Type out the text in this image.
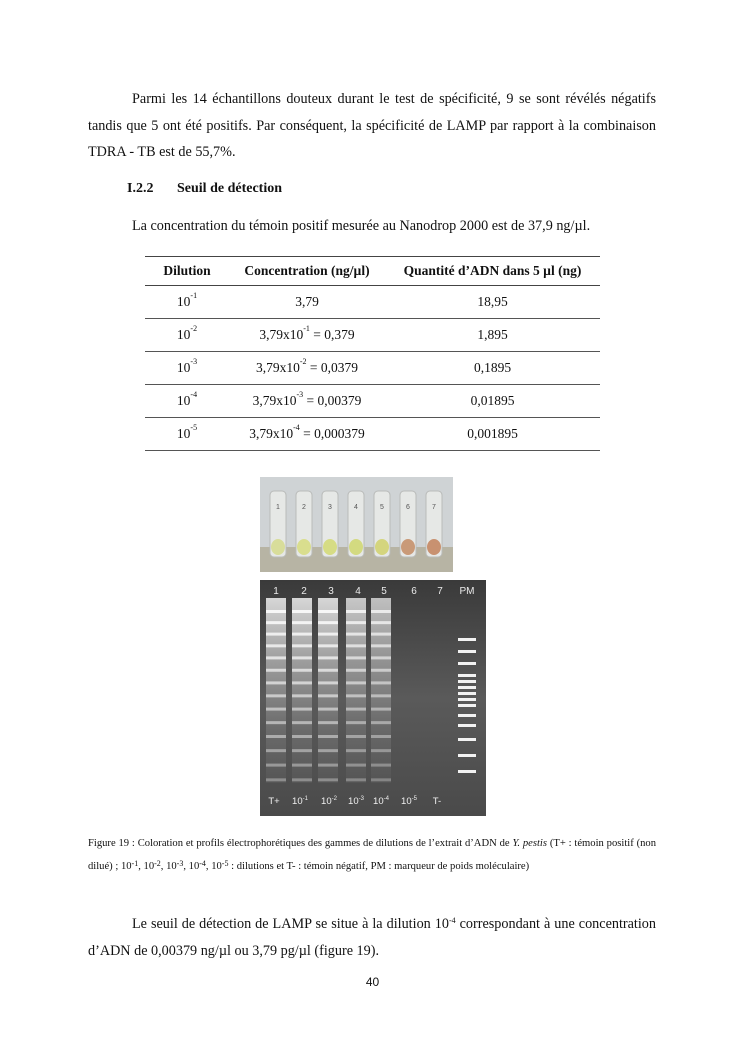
Parmi les 14 échantillons douteux durant le test de spécificité, 9 se sont révélés négatifs tandis que 5 ont été positifs. Par conséquent, la spécificité de LAMP par rapport à la combinaison TDRA - TB est de 55,7%.

I.2.2 Seuil de détection
La concentration du témoin positif mesurée au Nanodrop 2000 est de 37,9 ng/µl.
Dilution	Concentration (ng/µl)	Quantité d’ADN dans 5 µl (ng)
$10^{-1}$	3,79	18,95
$10^{-2}$	$3,79x10^{-1} = 0,379$	1,895
$10^{-3}$	$3,79x10^{-2} = 0,0379$	0,1895
$10^{-4}$	$3,79x10^{-3} = 0,00379$	0,01895
$10^{-5}$	$3,79x10^{-4} = 0,000379$	0,001895
1	2	3	4	5	6	7
1 2 3 4 5 6 7 PM
$T+ 10^{-1}$ $10^{-2}$ $10^{-3}$ $10^{-4}$ $10^{-5}$ T-
Figure 19 : Coloration et profils électrophorétiques des gammes de dilutions de l’extrait d’ADN de Y. pestis (T+ : témoin positif (non dilué) ; $10^{-1}$, $10^{-2}$, $10^{-3}$, $10^{-4}$, $10^{-5}$ : dilutions et T- : témoin négatif, PM : marqueur de poids moléculaire)

Le seuil de détection de LAMP se situe à la dilution $10^{-4}$ correspondant à une concentration d’ADN de 0,00379 ng/µl ou 3,79 pg/µl (figure 19).

40
